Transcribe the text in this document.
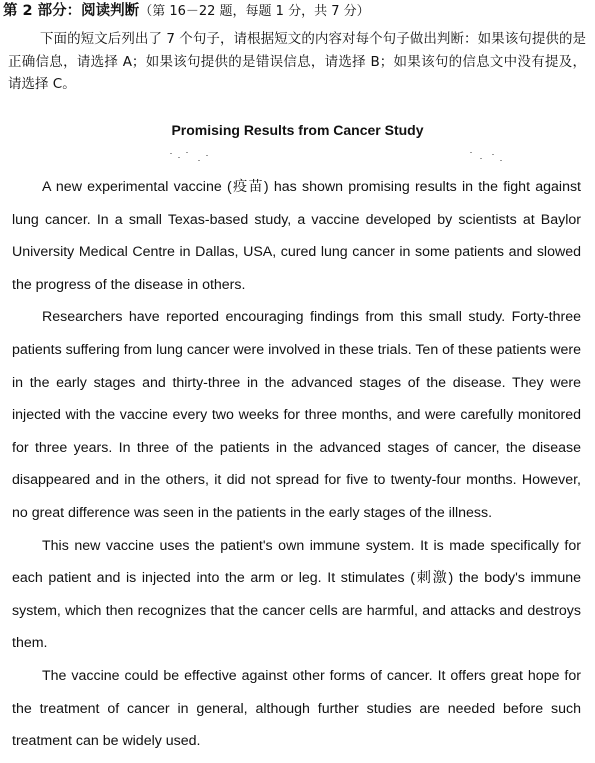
第 2 部分：阅读判断（第 16－22 题，每题 1 分，共 7 分）
下面的短文后列出了 7 个句子，请根据短文的内容对每个句子做出判断：如果该句提供的是正确信息，请选择 A；如果该句提供的是错误信息，请选择 B；如果该句的信息文中没有提及，请选择 C。
Promising Results from Cancer Study

A new experimental vaccine (疫苗) has shown promising results in the fight against lung cancer. In a small Texas-based study, a vaccine developed by scientists at Baylor University Medical Centre in Dallas, USA, cured lung cancer in some patients and slowed the progress of the disease in others.

Researchers have reported encouraging findings from this small study. Forty-three patients suffering from lung cancer were involved in these trials. Ten of these patients were in the early stages and thirty-three in the advanced stages of the disease. They were injected with the vaccine every two weeks for three months, and were carefully monitored for three years. In three of the patients in the advanced stages of cancer, the disease disappeared and in the others, it did not spread for five to twenty-four months. However, no great difference was seen in the patients in the early stages of the illness.

This new vaccine uses the patient's own immune system. It is made specifically for each patient and is injected into the arm or leg. It stimulates (刺激) the body's immune system, which then recognizes that the cancer cells are harmful, and attacks and destroys them.

The vaccine could be effective against other forms of cancer. It offers great hope for the treatment of cancer in general, although further studies are needed before such treatment can be widely used.
